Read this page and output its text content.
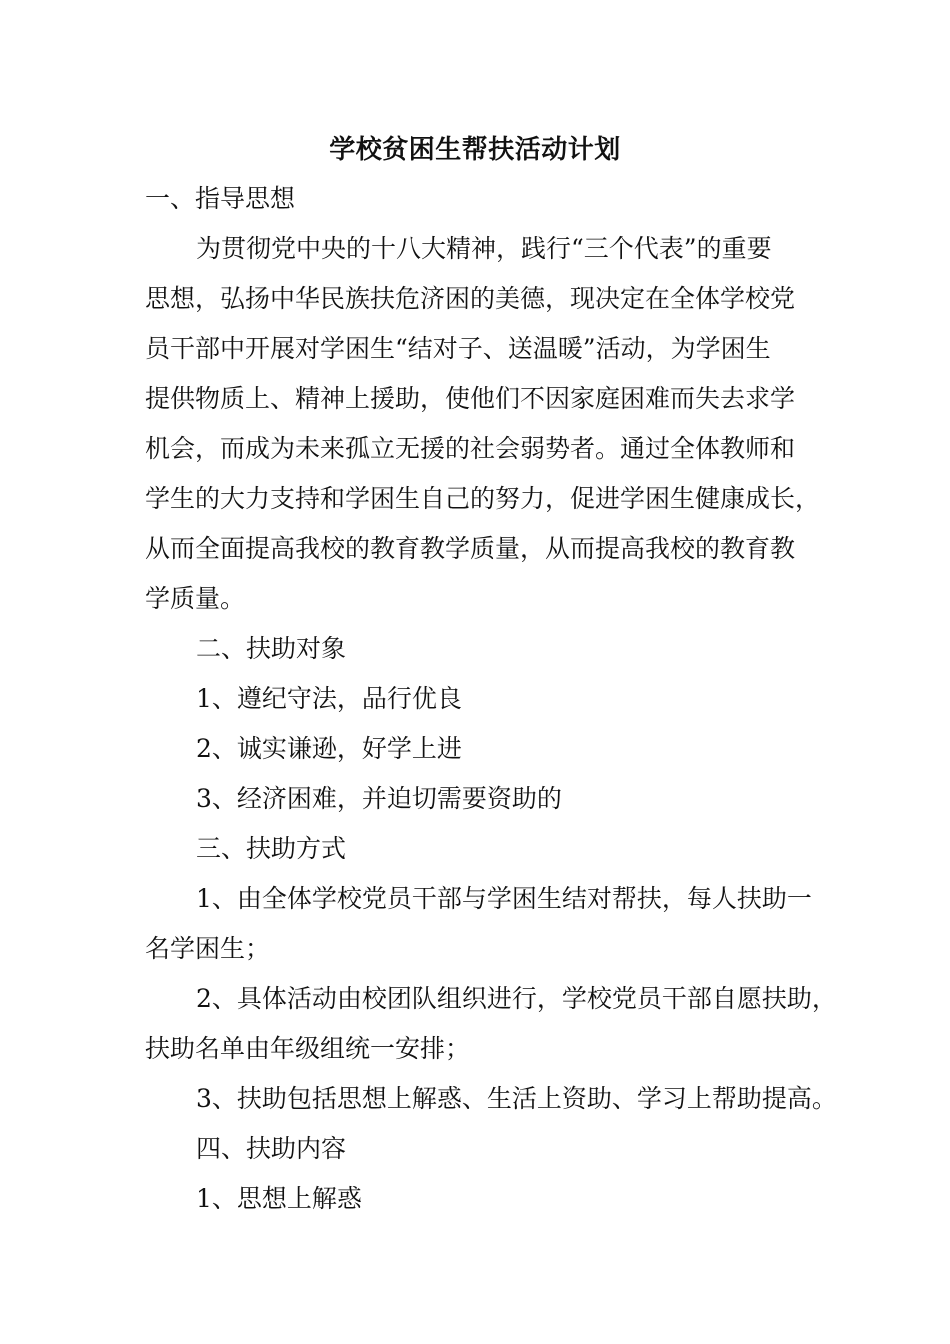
学校贫困生帮扶活动计划
一、指导思想
为贯彻党中央的十八大精神，践行“三个代表”的重要
思想，弘扬中华民族扶危济困的美德，现决定在全体学校党
员干部中开展对学困生“结对子、送温暖”活动，为学困生
提供物质上、精神上援助，使他们不因家庭困难而失去求学
机会，而成为未来孤立无援的社会弱势者。通过全体教师和
学生的大力支持和学困生自己的努力，促进学困生健康成长，
从而全面提高我校的教育教学质量，从而提高我校的教育教
学质量。
二、扶助对象
1、遵纪守法，品行优良
2、诚实谦逊，好学上进
3、经济困难，并迫切需要资助的
三、扶助方式
1、由全体学校党员干部与学困生结对帮扶，每人扶助一
名学困生；
2、具体活动由校团队组织进行，学校党员干部自愿扶助，
扶助名单由年级组统一安排；
3、扶助包括思想上解惑、生活上资助、学习上帮助提高。
四、扶助内容
1、思想上解惑
